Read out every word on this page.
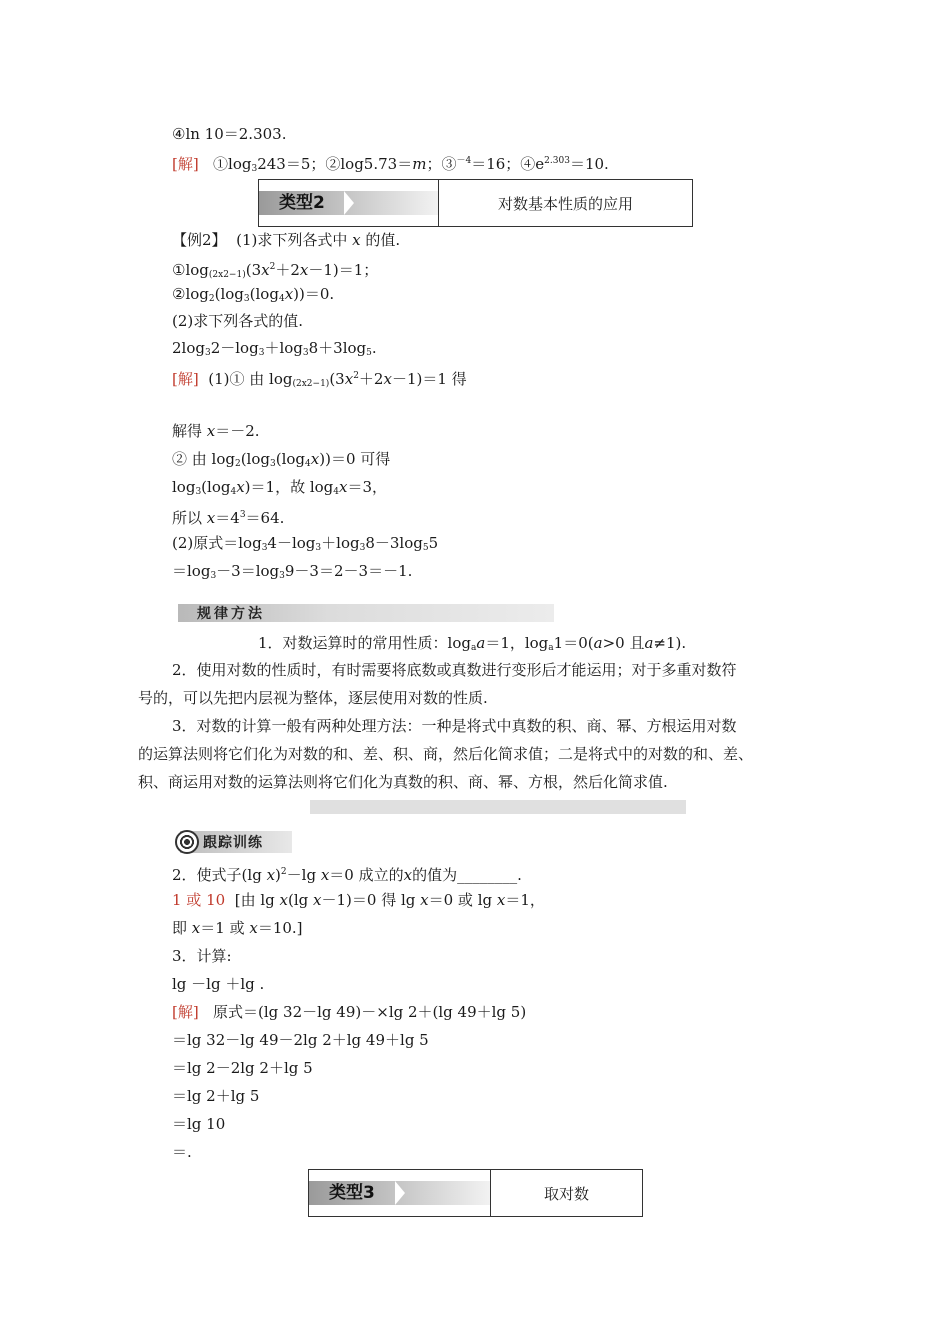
④ln 10＝2.303.
[解] $①\log_3243=5$；②log5.73＝m；③$^{-4}$＝16；$④e^{2.303}=10$.
类型2	对数基本性质的应用
【例2】 (1)求下列各式中 x 的值.
$①\log_{(2x2-1)}(3x^2+2x-1)=1$；
$②\log_2(\log_3(\log_4x))=0$.
(2)求下列各式的值.
$2\log_32-\log_3+\log_38+3\log_5$.
[解] (1)① 由 $\log_{(2x2-1)}(3x^2+2x-1)=1$ 得
解得 x＝－2.
② 由 $\log_2(\log_3(\log_4x))=0$ 可得
$\log_3(\log_4x)=1$，故 $\log_4x=3$，
所以 $x=4^3=64$.
(2)原式$=\log_34-\log_3+\log_38-3\log_55$
$=\log_3-3=\log_39-3=2-3=-1$.
规律方法
1．对数运算时的常用性质：$\log_aa=1$，$\log_a1=0(a>0$ 且a≠1).
2．使用对数的性质时，有时需要将底数或真数进行变形后才能运用；对于多重对数符
号的，可以先把内层视为整体，逐层使用对数的性质.
3．对数的计算一般有两种处理方法：一种是将式中真数的积、商、幂、方根运用对数
的运算法则将它们化为对数的和、差、积、商，然后化简求值；二是将式中的对数的和、差、
积、商运用对数的运算法则将它们化为真数的积、商、幂、方根，然后化简求值.
跟踪训练
2．使式子(lg x)$^2$－lg x＝0 成立的x的值为________.
1 或 10 [由 lg x(lg x－1)＝0 得 lg x＝0 或 lg x＝1，
即 x＝1 或 x＝10.]
3．计算:
lg －lg ＋lg .
[解] 原式＝(lg 32－lg 49)－×lg 2＋(lg 49＋lg 5)
＝lg 32－lg 49－2lg 2＋lg 49＋lg 5
＝lg 2－2lg 2＋lg 5
＝lg 2＋lg 5
＝lg 10
＝.
类型3	取对数
